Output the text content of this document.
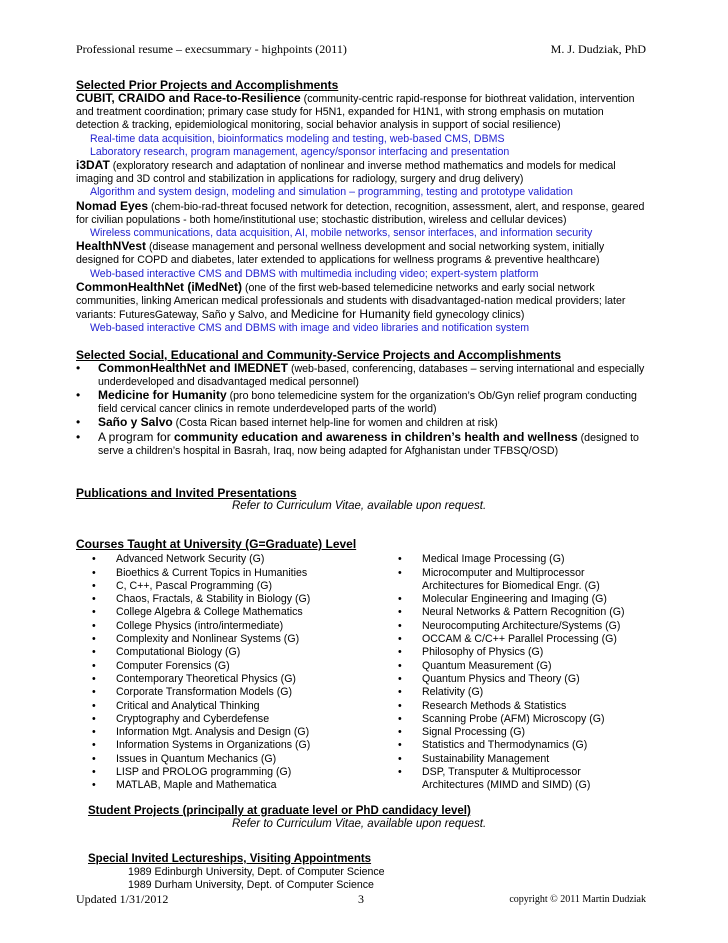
Professional resume – execsummary - highpoints (2011)	M. J. Dudziak, PhD
Selected Prior Projects and Accomplishments
CUBIT, CRAIDO and Race-to-Resilience (community-centric rapid-response for biothreat validation, intervention
and treatment coordination; primary case study for H5N1, expanded for H1N1, with strong emphasis on mutation
detection & tracking, epidemiological monitoring, social behavior analysis in support of social resilience)
Real-time data acquisition, bioinformatics modeling and testing, web-based CMS, DBMS
Laboratory research, program management, agency/sponsor interfacing and presentation
i3DAT (exploratory research and adaptation of nonlinear and inverse method mathematics and models for medical
imaging and 3D control and stabilization in applications for radiology, surgery and drug delivery)
Algorithm and system design, modeling and simulation – programming, testing and prototype validation
Nomad Eyes (chem-bio-rad-threat focused network for detection, recognition, assessment, alert, and response, geared
for civilian populations - both home/institutional use; stochastic distribution, wireless and cellular devices)
Wireless communications, data acquisition, AI, mobile networks, sensor interfaces, and information security
HealthNVest (disease management and personal wellness development and social networking system, initially
designed for COPD and diabetes, later extended to applications for wellness programs & preventive healthcare)
Web-based interactive CMS and DBMS with multimedia including video; expert-system platform
CommonHealthNet (iMedNet) (one of the first web-based telemedicine networks and early social network
communities, linking American medical professionals and students with disadvantaged-nation medical providers; later
variants: FuturesGateway, Saño y Salvo, and Medicine for Humanity field gynecology clinics)
Web-based interactive CMS and DBMS with image and video libraries and notification system
Selected Social, Educational and Community-Service Projects and Accomplishments
• CommonHealthNet and IMEDNET (web-based, conferencing, databases – serving international and especially
underdeveloped and disadvantaged medical personnel)
• Medicine for Humanity (pro bono telemedicine system for the organization’s Ob/Gyn relief program conducting
field cervical cancer clinics in remote underdeveloped parts of the world)
• Saño y Salvo (Costa Rican based internet help-line for women and children at risk)
• A program for community education and awareness in children’s health and wellness (designed to
serve a children’s hospital in Basrah, Iraq, now being adapted for Afghanistan under TFBSQ/OSD)
Publications and Invited Presentations
Refer to Curriculum Vitae, available upon request.
Courses Taught at University (G=Graduate) Level
• Advanced Network Security (G)
• Bioethics & Current Topics in Humanities
• C, C++, Pascal Programming (G)
• Chaos, Fractals, & Stability in Biology (G)
• College Algebra & College Mathematics
• College Physics (intro/intermediate)
• Complexity and Nonlinear Systems (G)
• Computational Biology (G)
• Computer Forensics (G)
• Contemporary Theoretical Physics (G)
• Corporate Transformation Models (G)
• Critical and Analytical Thinking
• Cryptography and Cyberdefense
• Information Mgt. Analysis and Design (G)
• Information Systems in Organizations (G)
• Issues in Quantum Mechanics (G)
• LISP and PROLOG programming (G)
• MATLAB, Maple and Mathematica
• Medical Image Processing (G)
• Microcomputer and Multiprocessor
Architectures for Biomedical Engr. (G)
• Molecular Engineering and Imaging (G)
• Neural Networks & Pattern Recognition (G)
• Neurocomputing Architecture/Systems (G)
• OCCAM & C/C++ Parallel Processing (G)
• Philosophy of Physics (G)
• Quantum Measurement (G)
• Quantum Physics and Theory (G)
• Relativity (G)
• Research Methods & Statistics
• Scanning Probe (AFM) Microscopy (G)
• Signal Processing (G)
• Statistics and Thermodynamics (G)
• Sustainability Management
• DSP, Transputer & Multiprocessor
Architectures (MIMD and SIMD) (G)
Student Projects (principally at graduate level or PhD candidacy level)
Refer to Curriculum Vitae, available upon request.
Special Invited Lectureships, Visiting Appointments
1989 Edinburgh University, Dept. of Computer Science
1989 Durham University, Dept. of Computer Science
Updated 1/31/2012	3	copyright © 2011 Martin Dudziak
